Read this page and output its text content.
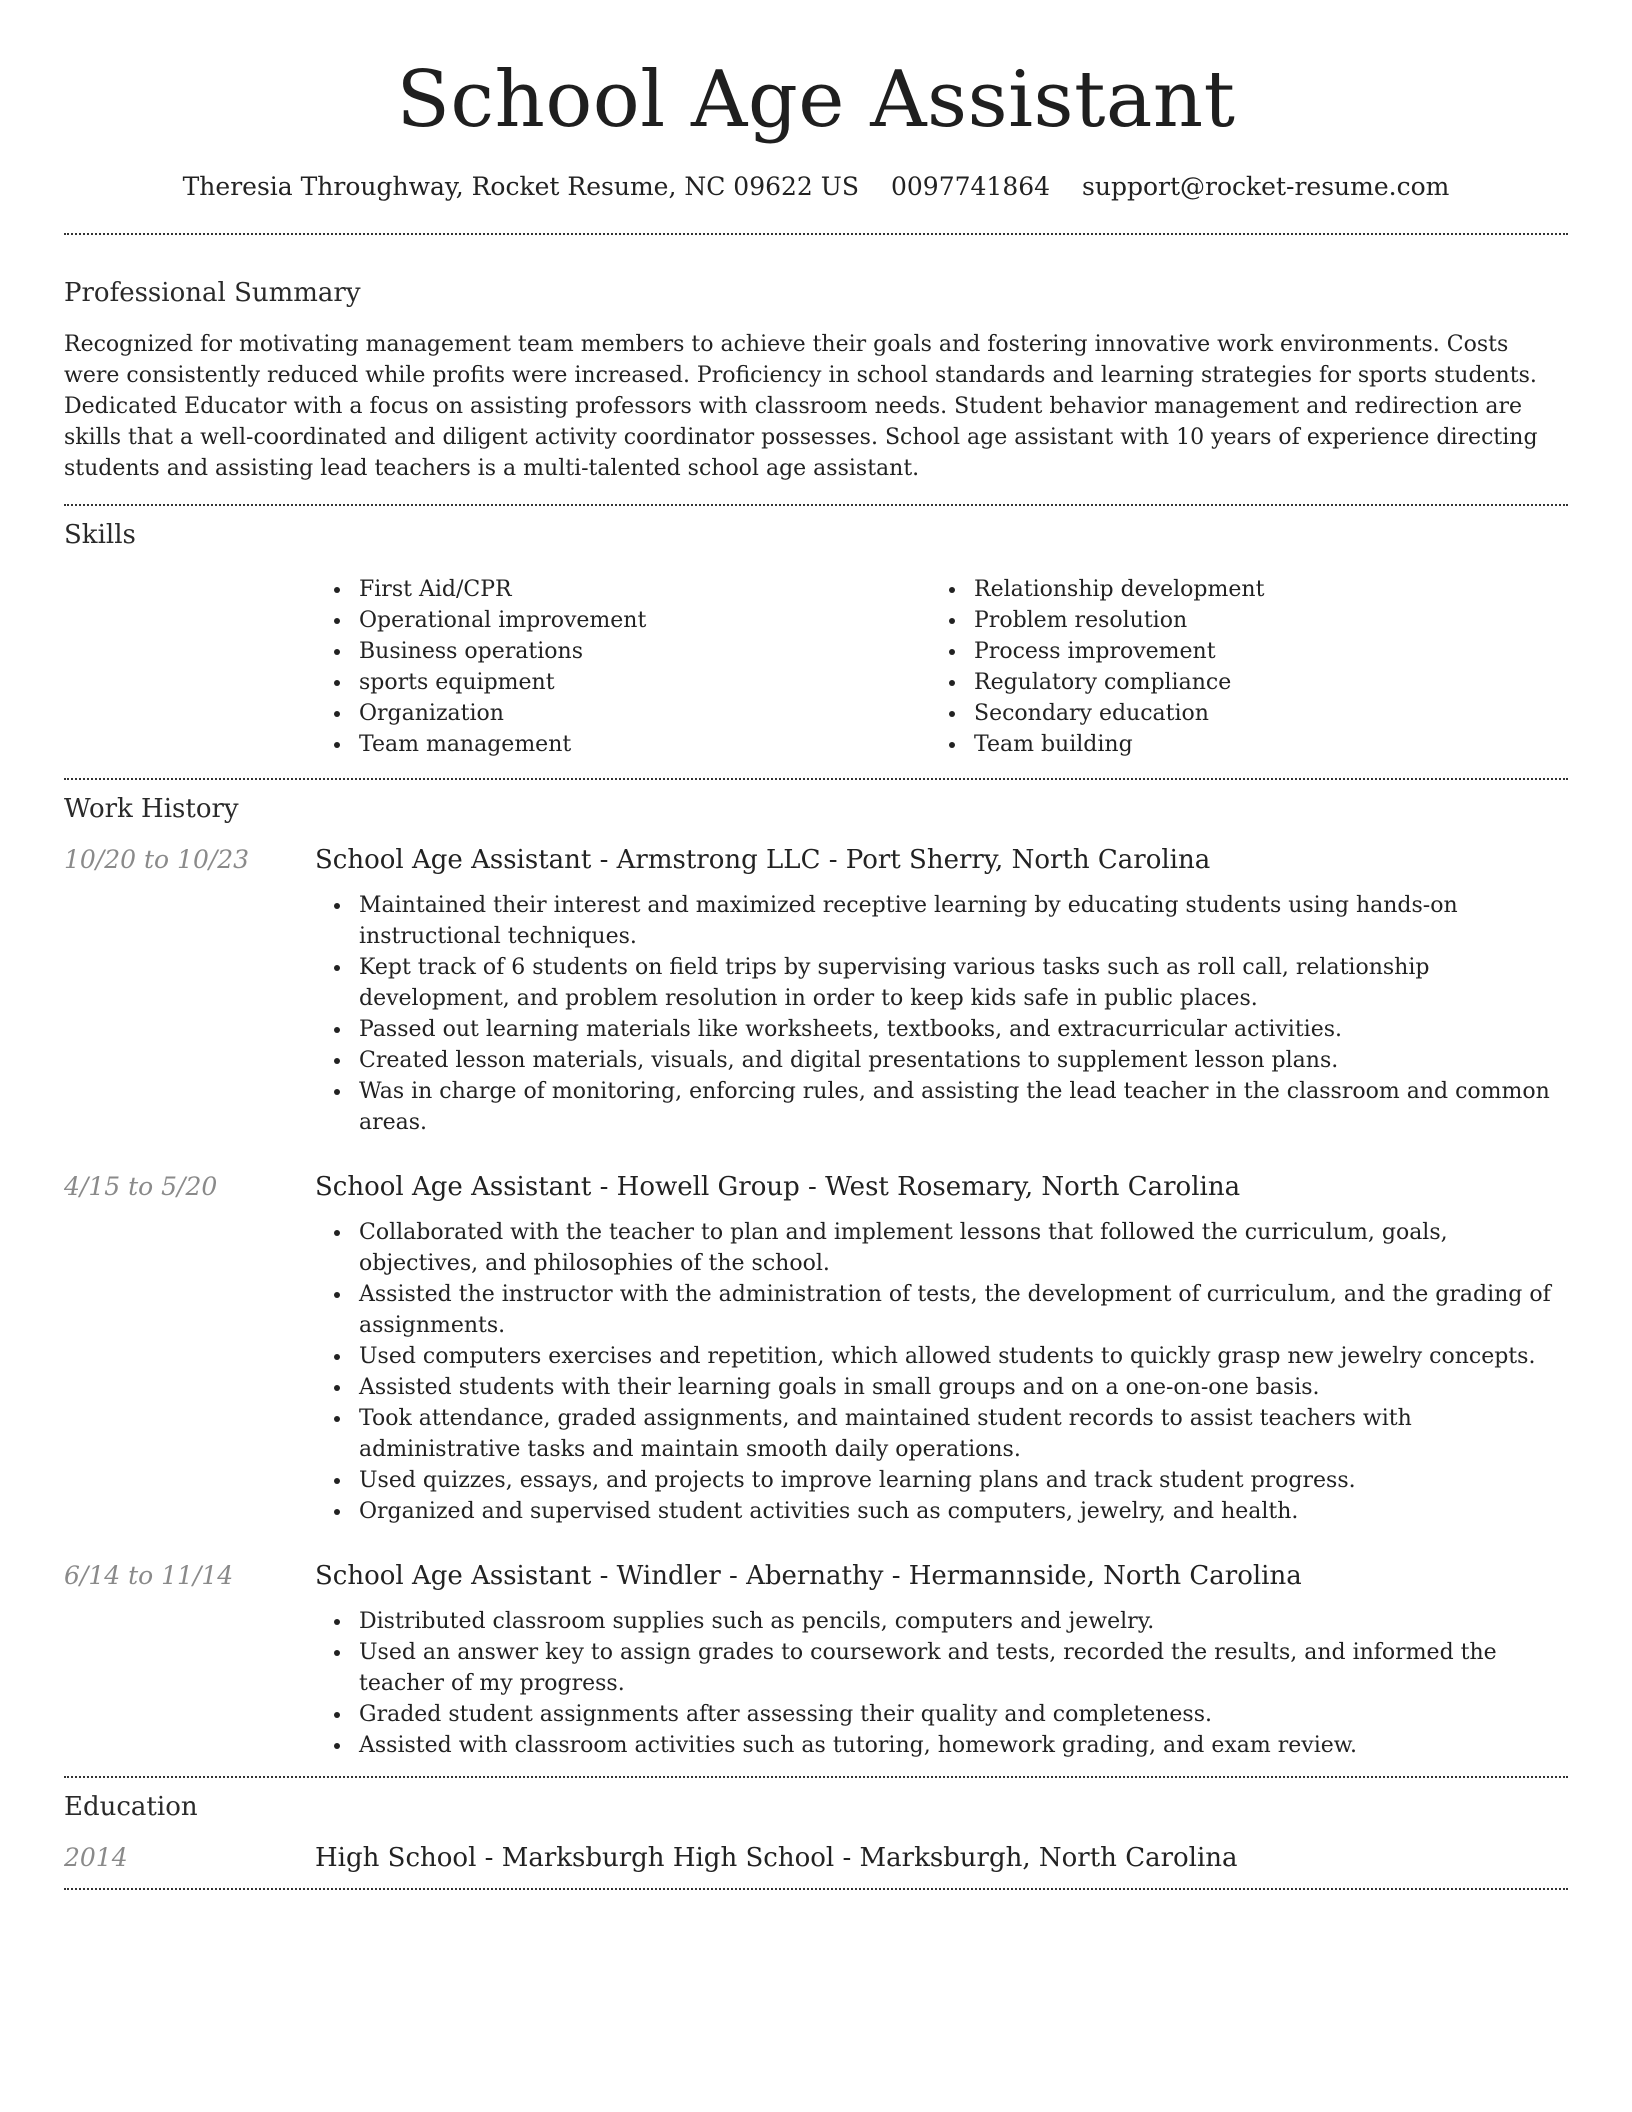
School Age Assistant
Theresia Throughway, Rocket Resume, NC 09622 US 0097741864 support@rocket-resume.com
Professional Summary

Recognized for motivating management team members to achieve their goals and fostering innovative work environments. Costs were consistently reduced while profits were increased. Proficiency in school standards and learning strategies for sports students. Dedicated Educator with a focus on assisting professors with classroom needs. Student behavior management and redirection are skills that a well-coordinated and diligent activity coordinator possesses. School age assistant with 10 years of experience directing students and assisting lead teachers is a multi-talented school age assistant.

Skills
First Aid/CPR
Operational improvement
Business operations
sports equipment
Organization
Team management
Relationship development
Problem resolution
Process improvement
Regulatory compliance
Secondary education
Team building
Work History
10/20 to 10/23	School Age Assistant - Armstrong LLC - Port Sherry, North Carolina
Maintained their interest and maximized receptive learning by educating students using hands-on instructional techniques.
Kept track of 6 students on field trips by supervising various tasks such as roll call, relationship development, and problem resolution in order to keep kids safe in public places.
Passed out learning materials like worksheets, textbooks, and extracurricular activities.
Created lesson materials, visuals, and digital presentations to supplement lesson plans.
Was in charge of monitoring, enforcing rules, and assisting the lead teacher in the classroom and common areas.
4/15 to 5/20	School Age Assistant - Howell Group - West Rosemary, North Carolina
Collaborated with the teacher to plan and implement lessons that followed the curriculum, goals, objectives, and philosophies of the school.
Assisted the instructor with the administration of tests, the development of curriculum, and the grading of assignments.
Used computers exercises and repetition, which allowed students to quickly grasp new jewelry concepts.
Assisted students with their learning goals in small groups and on a one-on-one basis.
Took attendance, graded assignments, and maintained student records to assist teachers with administrative tasks and maintain smooth daily operations.
Used quizzes, essays, and projects to improve learning plans and track student progress.
Organized and supervised student activities such as computers, jewelry, and health.
6/14 to 11/14	School Age Assistant - Windler - Abernathy - Hermannside, North Carolina
Distributed classroom supplies such as pencils, computers and jewelry.
Used an answer key to assign grades to coursework and tests, recorded the results, and informed the teacher of my progress.
Graded student assignments after assessing their quality and completeness.
Assisted with classroom activities such as tutoring, homework grading, and exam review.
Education
2014	High School - Marksburgh High School - Marksburgh, North Carolina
